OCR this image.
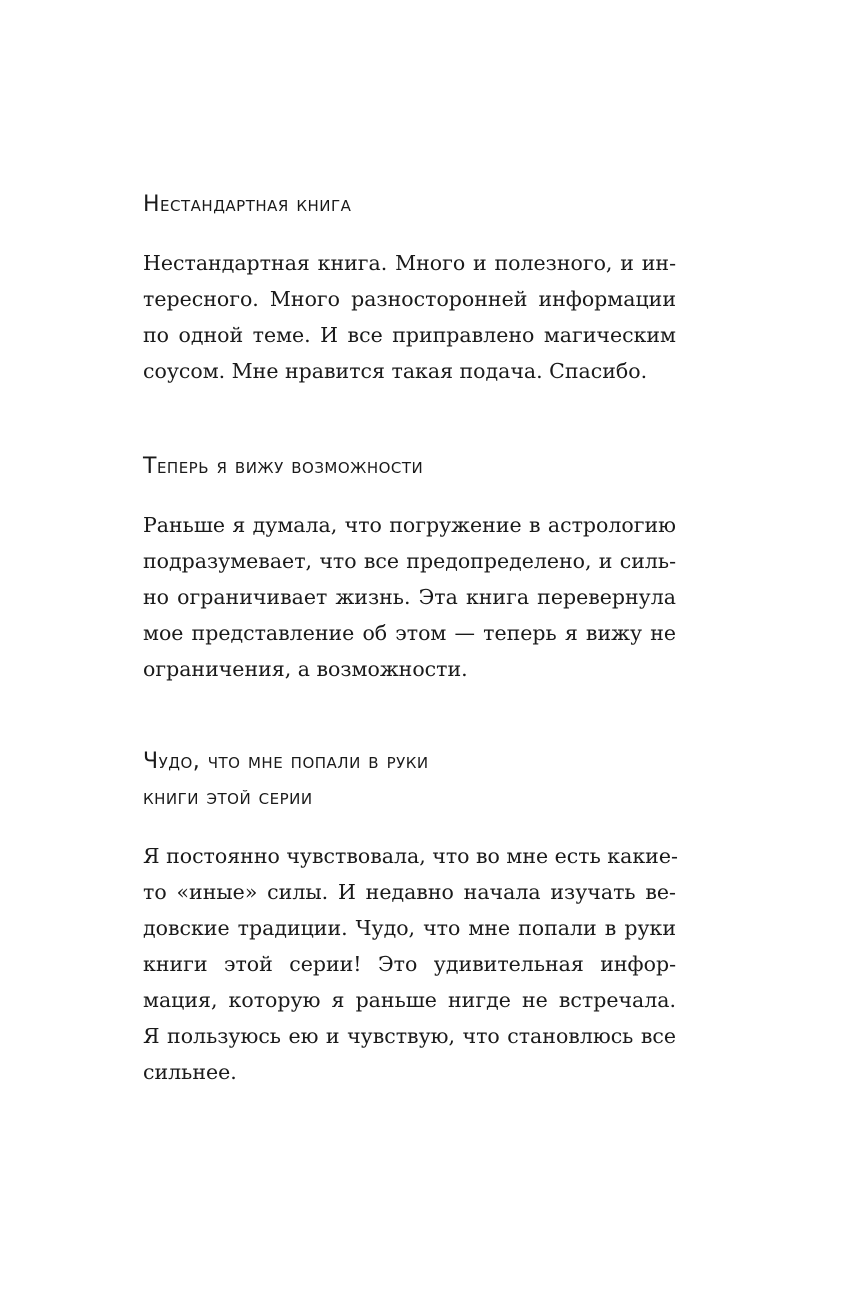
Нестандартная книга
Нестандартная книга. Много и полезного, и ин-
тересного. Много разносторонней информации
по одной теме. И все приправлено магическим
соусом. Мне нравится такая подача. Спасибо.
Теперь я вижу возможности
Раньше я думала, что погружение в астрологию
подразумевает, что все предопределено, и силь-
но ограничивает жизнь. Эта книга перевернула
мое представление об этом — теперь я вижу не
ограничения, а возможности.
Чудо, что мне попали в руки
книги этой серии
Я постоянно чувствовала, что во мне есть какие-
то «иные» силы. И недавно начала изучать ве-
довские традиции. Чудо, что мне попали в руки
книги этой серии! Это удивительная инфор-
мация, которую я раньше нигде не встречала.
Я пользуюсь ею и чувствую, что становлюсь все
сильнее.
